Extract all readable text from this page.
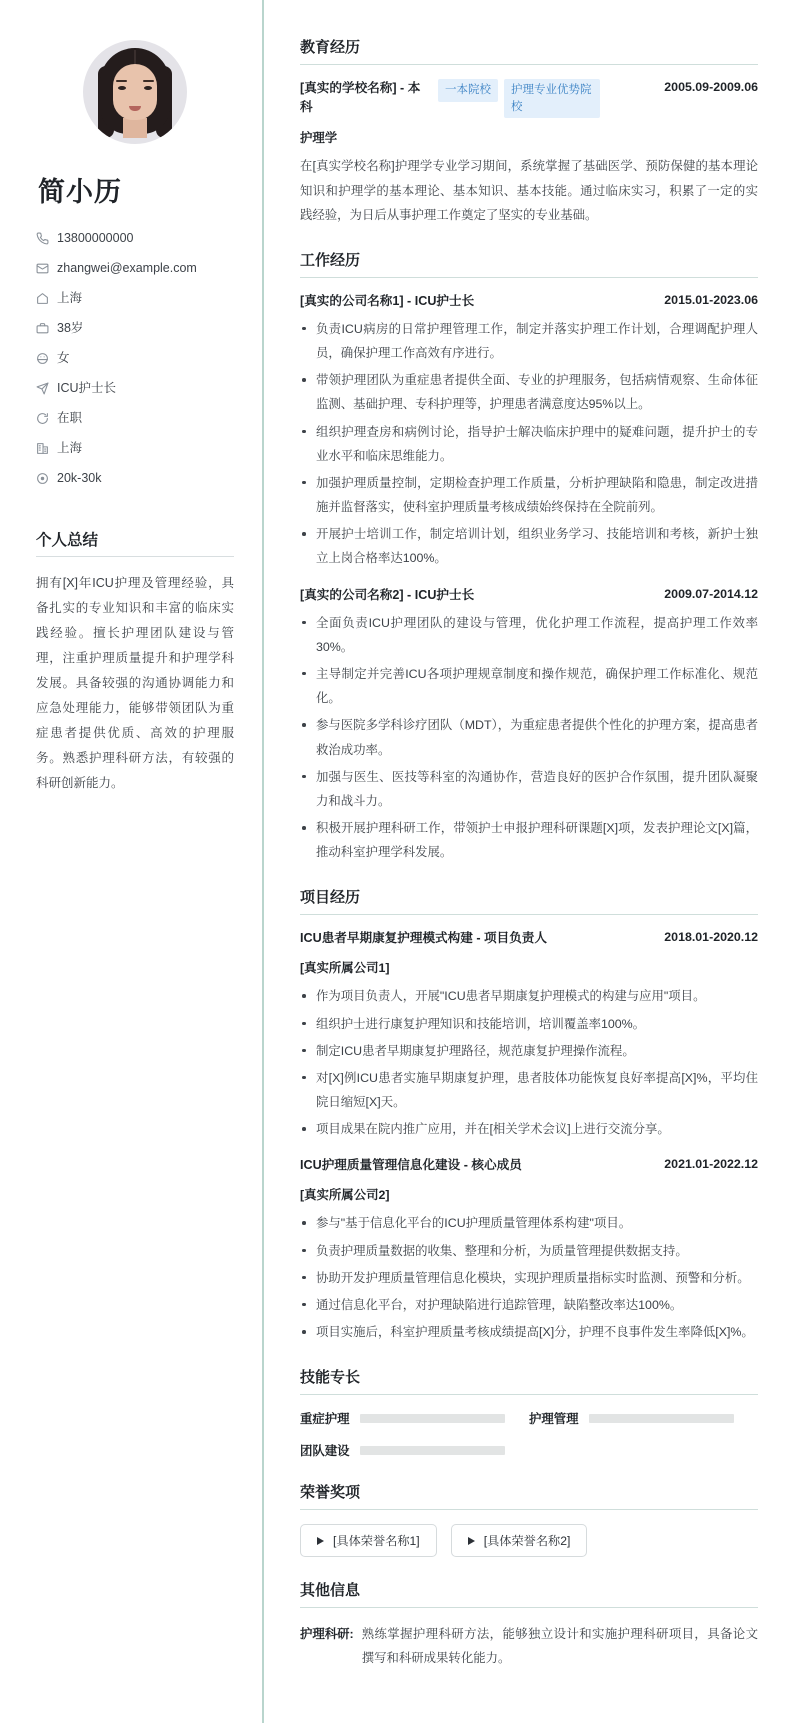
简小历
13800000000
zhangwei@example.com
上海
38岁
女
ICU护士长
在职
上海
20k-30k
个人总结

拥有[X]年ICU护理及管理经验，具备扎实的专业知识和丰富的临床实践经验。擅长护理团队建设与管理，注重护理质量提升和护理学科发展。具备较强的沟通协调能力和应急处理能力，能够带领团队为重症患者提供优质、高效的护理服务。熟悉护理科研方法，有较强的科研创新能力。

教育经历
[真实的学校名称] - 本科
一本院校	护理专业优势院校
2005.09-2009.06
护理学

在[真实学校名称]护理学专业学习期间，系统掌握了基础医学、预防保健的基本理论知识和护理学的基本理论、基本知识、基本技能。通过临床实习，积累了一定的实践经验，为日后从事护理工作奠定了坚实的专业基础。

工作经历
[真实的公司名称1] - ICU护士长	2015.01-2023.06
负责ICU病房的日常护理管理工作，制定并落实护理工作计划，合理调配护理人员，确保护理工作高效有序进行。
带领护理团队为重症患者提供全面、专业的护理服务，包括病情观察、生命体征监测、基础护理、专科护理等，护理患者满意度达95%以上。
组织护理查房和病例讨论，指导护士解决临床护理中的疑难问题，提升护士的专业水平和临床思维能力。
加强护理质量控制，定期检查护理工作质量，分析护理缺陷和隐患，制定改进措施并监督落实，使科室护理质量考核成绩始终保持在全院前列。
开展护士培训工作，制定培训计划，组织业务学习、技能培训和考核，新护士独立上岗合格率达100%。
[真实的公司名称2] - ICU护士长	2009.07-2014.12
全面负责ICU护理团队的建设与管理，优化护理工作流程，提高护理工作效率30%。
主导制定并完善ICU各项护理规章制度和操作规范，确保护理工作标准化、规范化。
参与医院多学科诊疗团队（MDT），为重症患者提供个性化的护理方案，提高患者救治成功率。
加强与医生、医技等科室的沟通协作，营造良好的医护合作氛围，提升团队凝聚力和战斗力。
积极开展护理科研工作，带领护士申报护理科研课题[X]项，发表护理论文[X]篇，推动科室护理学科发展。
项目经历
ICU患者早期康复护理模式构建 - 项目负责人	2018.01-2020.12
[真实所属公司1]
作为项目负责人，开展"ICU患者早期康复护理模式的构建与应用"项目。
组织护士进行康复护理知识和技能培训，培训覆盖率100%。
制定ICU患者早期康复护理路径，规范康复护理操作流程。
对[X]例ICU患者实施早期康复护理，患者肢体功能恢复良好率提高[X]%，平均住院日缩短[X]天。
项目成果在院内推广应用，并在[相关学术会议]上进行交流分享。
ICU护理质量管理信息化建设 - 核心成员	2021.01-2022.12
[真实所属公司2]
参与"基于信息化平台的ICU护理质量管理体系构建"项目。
负责护理质量数据的收集、整理和分析，为质量管理提供数据支持。
协助开发护理质量管理信息化模块，实现护理质量指标实时监测、预警和分析。
通过信息化平台，对护理缺陷进行追踪管理，缺陷整改率达100%。
项目实施后，科室护理质量考核成绩提高[X]分，护理不良事件发生率降低[X]%。
技能专长
重症护理	护理管理
团队建设
荣誉奖项
[具体荣誉名称1]	[具体荣誉名称2]
其他信息
护理科研: 熟练掌握护理科研方法，能够独立设计和实施护理科研项目，具备论文撰写和科研成果转化能力。
